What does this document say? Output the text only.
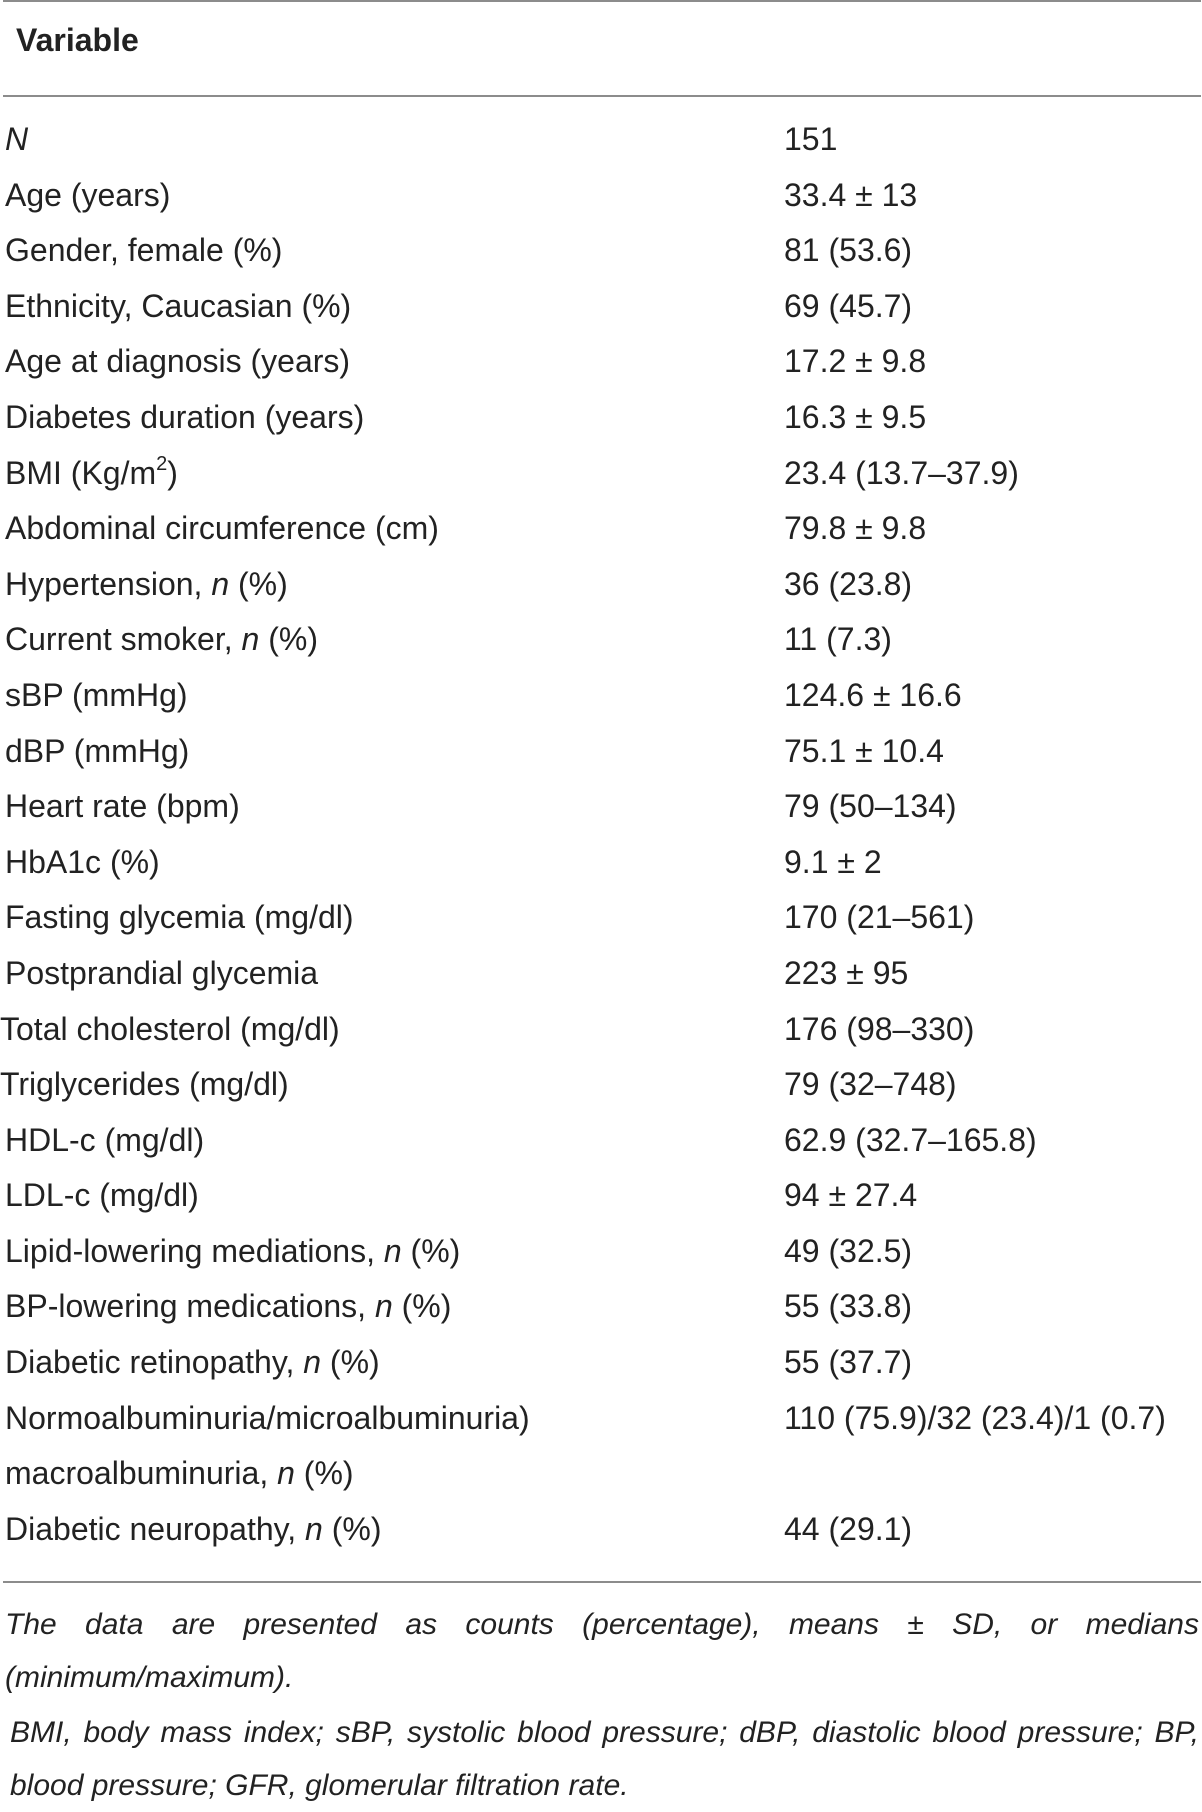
Variable
N	151
Age (years)	33.4 ± 13
Gender, female (%)	81 (53.6)
Ethnicity, Caucasian (%)	69 (45.7)
Age at diagnosis (years)	17.2 ± 9.8
Diabetes duration (years)	16.3 ± 9.5
BMI $(Kg/m^2)$	23.4 (13.7–37.9)
Abdominal circumference (cm)	79.8 ± 9.8
Hypertension, n (%)	36 (23.8)
Current smoker, n (%)	11 (7.3)
sBP (mmHg)	124.6 ± 16.6
dBP (mmHg)	75.1 ± 10.4
Heart rate (bpm)	79 (50–134)
HbA1c (%)	9.1 ± 2
Fasting glycemia (mg/dl)	170 (21–561)
Postprandial glycemia	223 ± 95
Total cholesterol (mg/dl)	176 (98–330)
Triglycerides (mg/dl)	79 (32–748)
HDL-c (mg/dl)	62.9 (32.7–165.8)
LDL-c (mg/dl)	94 ± 27.4
Lipid-lowering mediations, n (%)	49 (32.5)
BP-lowering medications, n (%)	55 (33.8)
Diabetic retinopathy, n (%)	55 (37.7)
Normoalbuminuria/microalbuminuria)	110 (75.9)/32 (23.4)/1 (0.7)
macroalbuminuria, n (%)
Diabetic neuropathy, n (%)	44 (29.1)

The data are presented as counts (percentage), means ± SD, or medians (minimum/maximum).

BMI, body mass index; sBP, systolic blood pressure; dBP, diastolic blood pressure; BP, blood pressure; GFR, glomerular filtration rate.
